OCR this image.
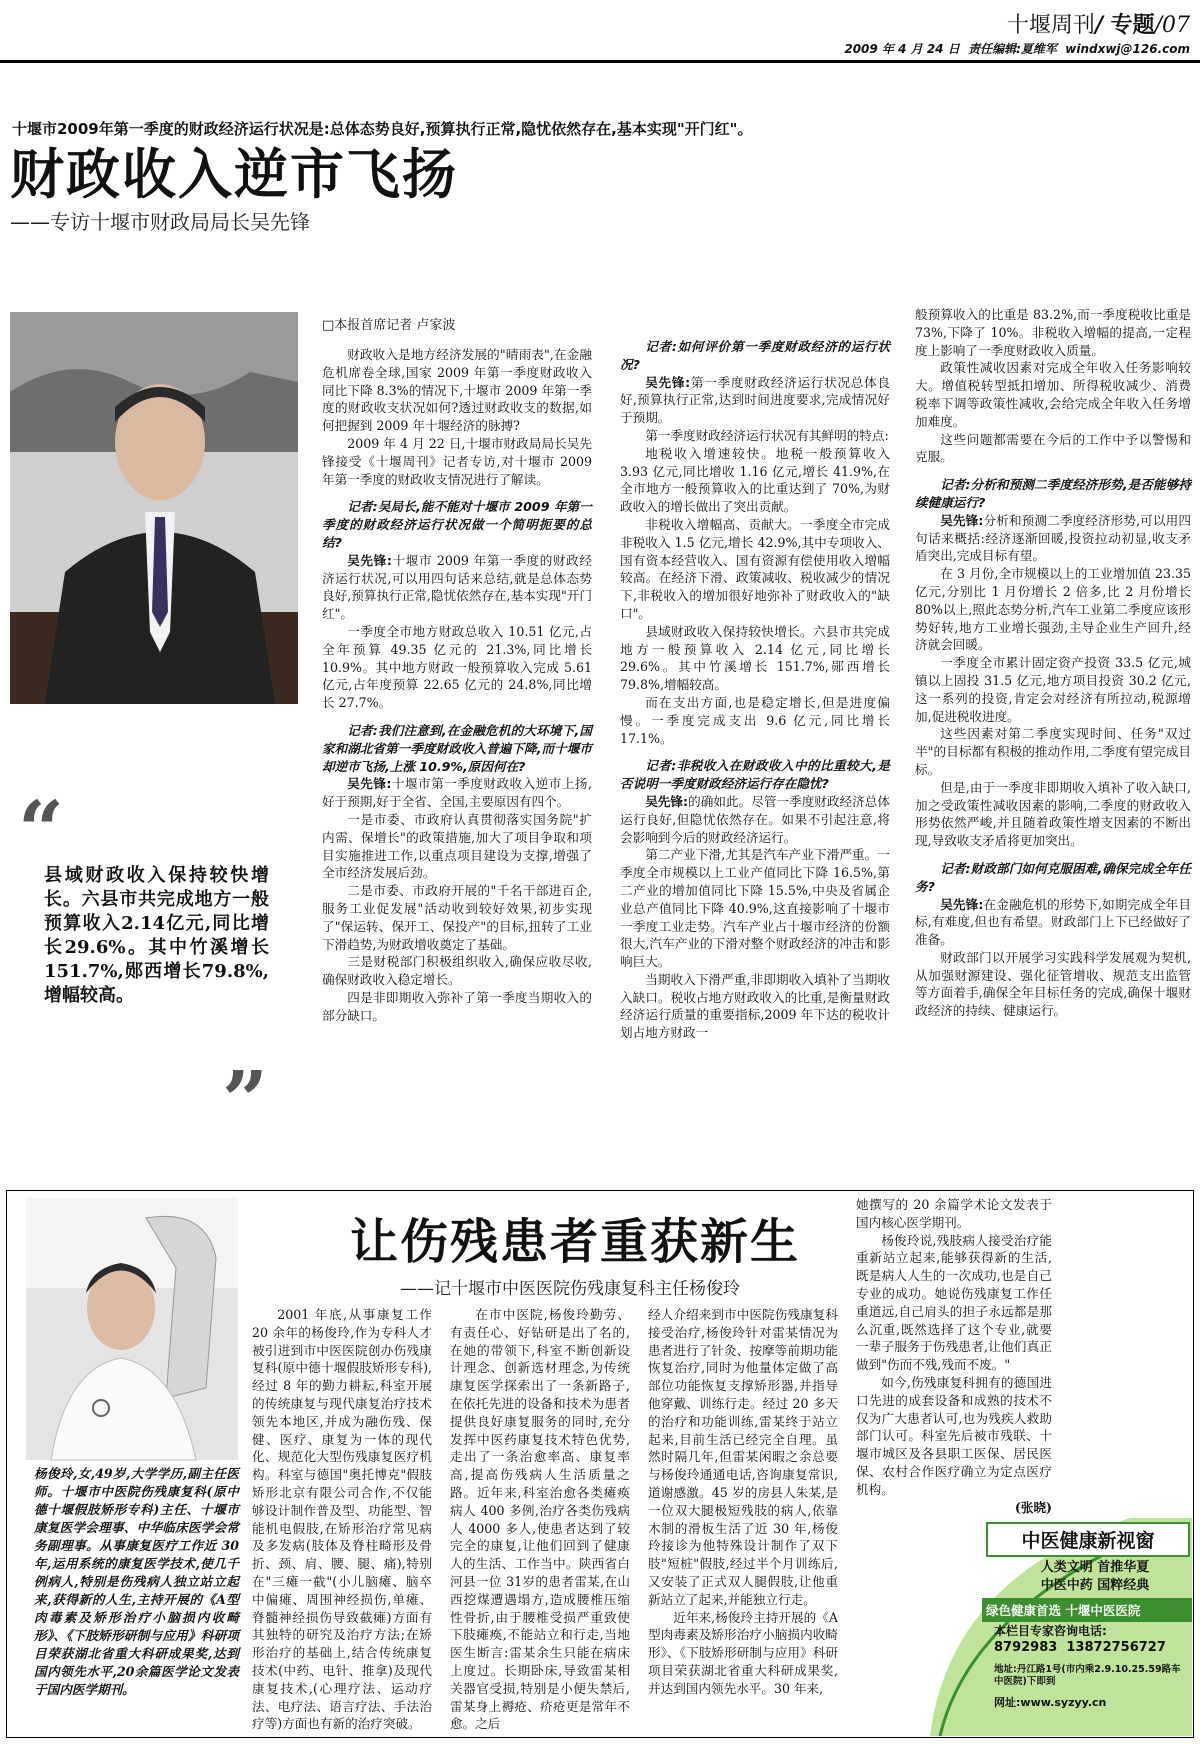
十堰周刊/ 专题/07
2009 年 4 月 24 日 责任编辑:夏维军 windxwj@126.com
十堰市2009年第一季度的财政经济运行状况是:总体态势良好,预算执行正常,隐忧依然存在,基本实现"开门红"。
财政收入逆市飞扬
——专访十堰市财政局局长吴先锋
“
县域财政收入保持较快增长。六县市共完成地方一般预算收入2.14亿元,同比增长29.6%。其中竹溪增长151.7%,郧西增长79.8%,增幅较高。
”
□本报首席记者 卢家波

财政收入是地方经济发展的"晴雨表",在金融危机席卷全球,国家 2009 年第一季度财政收入同比下降 8.3%的情况下,十堰市 2009 年第一季度的财政收支状况如何?透过财政收支的数据,如何把握到 2009 年十堰经济的脉搏?

2009 年 4 月 22 日,十堰市财政局局长吴先锋接受《十堰周刊》记者专访,对十堰市 2009 年第一季度的财政收支情况进行了解读。

记者:吴局长,能不能对十堰市 2009 年第一季度的财政经济运行状况做一个简明扼要的总结?

吴先锋:十堰市 2009 年第一季度的财政经济运行状况,可以用四句话来总结,就是总体态势良好,预算执行正常,隐忧依然存在,基本实现"开门红"。

一季度全市地方财政总收入 10.51 亿元,占全年预算 49.35 亿元的 21.3%,同比增长 10.9%。其中地方财政一般预算收入完成 5.61 亿元,占年度预算 22.65 亿元的 24.8%,同比增长 27.7%。

记者:我们注意到,在金融危机的大环境下,国家和湖北省第一季度财政收入普遍下降,而十堰市却逆市飞扬,上涨 10.9%,原因何在?

吴先锋:十堰市第一季度财政收入逆市上扬,好于预期,好于全省、全国,主要原因有四个。

一是市委、市政府认真贯彻落实国务院"扩内需、保增长"的政策措施,加大了项目争取和项目实施推进工作,以重点项目建设为支撑,增强了全市经济发展后劲。

二是市委、市政府开展的"千名干部进百企,服务工业促发展"活动收到较好效果,初步实现了"保运转、保开工、保投产"的目标,扭转了工业下滑趋势,为财政增收奠定了基础。

三是财税部门积极组织收入,确保应收尽收,确保财政收入稳定增长。

四是非即期收入弥补了第一季度当期收入的部分缺口。

记者:如何评价第一季度财政经济的运行状况?

吴先锋:第一季度财政经济运行状况总体良好,预算执行正常,达到时间进度要求,完成情况好于预期。

第一季度财政经济运行状况有其鲜明的特点:

地税收入增速较快。地税一般预算收入 3.93 亿元,同比增收 1.16 亿元,增长 41.9%,在全市地方一般预算收入的比重达到了 70%,为财政收入的增长做出了突出贡献。

非税收入增幅高、贡献大。一季度全市完成非税收入 1.5 亿元,增长 42.9%,其中专项收入、国有资本经营收入、国有资源有偿使用收入增幅较高。在经济下滑、政策减收、税收减少的情况下,非税收入的增加很好地弥补了财政收入的"缺口"。

县域财政收入保持较快增长。六县市共完成地方一般预算收入 2.14 亿元,同比增长 29.6%。其中竹溪增长 151.7%,郧西增长 79.8%,增幅较高。

而在支出方面,也是稳定增长,但是进度偏慢。一季度完成支出 9.6 亿元,同比增长 17.1%。

记者:非税收入在财政收入中的比重较大,是否说明一季度财政经济运行存在隐忧?

吴先锋:的确如此。尽管一季度财政经济总体运行良好,但隐忧依然存在。如果不引起注意,将会影响到今后的财政经济运行。

第二产业下滑,尤其是汽车产业下滑严重。一季度全市规模以上工业产值同比下降 16.5%,第二产业的增加值同比下降 15.5%,中央及省属企业总产值同比下降 40.9%,这直接影响了十堰市一季度工业走势。汽车产业占十堰市经济的份额很大,汽车产业的下滑对整个财政经济的冲击和影响巨大。

当期收入下滑严重,非即期收入填补了当期收入缺口。税收占地方财政收入的比重,是衡量财政经济运行质量的重要指标,2009 年下达的税收计划占地方财政一

般预算收入的比重是 83.2%,而一季度税收比重是 73%,下降了 10%。非税收入增幅的提高,一定程度上影响了一季度财政收入质量。

政策性减收因素对完成全年收入任务影响较大。增值税转型抵扣增加、所得税收减少、消费税率下调等政策性减收,会给完成全年收入任务增加难度。

这些问题都需要在今后的工作中予以警惕和克服。

记者:分析和预测二季度经济形势,是否能够持续健康运行?

吴先锋:分析和预测二季度经济形势,可以用四句话来概括:经济逐渐回暖,投资拉动初显,收支矛盾突出,完成目标有望。

在 3 月份,全市规模以上的工业增加值 23.35 亿元,分别比 1 月份增长 2 倍多,比 2 月份增长 80%以上,照此态势分析,汽车工业第二季度应该形势好转,地方工业增长强劲,主导企业生产回升,经济就会回暖。

一季度全市累计固定资产投资 33.5 亿元,城镇以上固投 31.5 亿元,地方项目投资 30.2 亿元,这一系列的投资,肯定会对经济有所拉动,税源增加,促进税收进度。

这些因素对第二季度实现时间、任务"双过半"的目标都有积极的推动作用,二季度有望完成目标。

但是,由于一季度非即期收入填补了收入缺口,加之受政策性减收因素的影响,二季度的财政收入形势依然严峻,并且随着政策性增支因素的不断出现,导致收支矛盾将更加突出。

记者:财政部门如何克服困难,确保完成全年任务?

吴先锋:在金融危机的形势下,如期完成全年目标,有难度,但也有希望。财政部门上下已经做好了准备。

财政部门以开展学习实践科学发展观为契机,从加强财源建设、强化征管增收、规范支出监管等方面着手,确保全年目标任务的完成,确保十堰财政经济的持续、健康运行。

杨俊玲,女,49岁,大学学历,副主任医师。十堰市中医院伤残康复科(原中德十堰假肢矫形专科)主任、十堰市康复医学会理事、中华临床医学会常务副理事。从事康复医疗工作近 30年,运用系统的康复医学技术,使几千例病人,特别是伤残病人独立站立起来,获得新的人生,主持开展的《A型肉毒素及矫形治疗小脑损内收畸形》、《下肢矫形研制与应用》科研项目荣获湖北省重大科研成果奖,达到国内领先水平,20余篇医学论文发表于国内医学期刊。
让伤残患者重获新生
——记十堰市中医医院伤残康复科主任杨俊玲

2001 年底,从事康复工作 20 余年的杨俊玲,作为专科人才被引进到市中医医院创办伤残康复科(原中德十堰假肢矫形专科),经过 8 年的勤力耕耘,科室开展的传统康复与现代康复治疗技术领先本地区,并成为融伤残、保健、医疗、康复为一体的现代化、规范化大型伤残康复医疗机构。科室与德国"奥托博克"假肢矫形北京有限公司合作,不仅能够设计制作普及型、功能型、智能机电假肢,在矫形治疗常见病及多发病(肢体及脊柱畸形及骨折、颈、肩、腰、腿、痛),特别在"三瘫一截"(小儿脑瘫、脑卒中偏瘫、周围神经损伤,单瘫、脊髓神经损伤导致截瘫)方面有其独特的研究及治疗方法;在矫形治疗的基础上,结合传统康复技术(中药、电针、推拿)及现代康复技术,(心理疗法、运动疗法、电疗法、语言疗法、手法治疗等)方面也有新的治疗突破。

在市中医院,杨俊玲勤劳、有责任心、好钻研是出了名的,在她的带领下,科室不断创新设计理念、创新选材理念,为传统康复医学探索出了一条新路子,在依托先进的设备和技术为患者提供良好康复服务的同时,充分发挥中医药康复技术特色优势,走出了一条治愈率高、康复率高,提高伤残病人生活质量之路。近年来,科室治愈各类瘫痪病人 400 多例,治疗各类伤残病人 4000 多人,使患者达到了较完全的康复,让他们回到了健康人的生活、工作当中。陕西省白河县一位 31岁的患者雷某,在山西挖煤遭遇塌方,造成腰椎压缩性骨折,由于腰椎受损严重致使下肢瘫痪,不能站立和行走,当地医生断言:雷某余生只能在病床上度过。长期卧床,导致雷某相关器官受损,特别是小便失禁后,雷某身上褥疮、疥疮更是常年不愈。之后

经人介绍来到市中医院伤残康复科接受治疗,杨俊玲针对雷某情况为患者进行了针灸、按摩等前期功能恢复治疗,同时为他量体定做了高部位功能恢复支撑矫形器,并指导他穿戴、训练行走。经过 20 多天的治疗和功能训练,雷某终于站立起来,目前生活已经完全自理。虽然时隔几年,但雷某闲暇之余总要与杨俊玲通通电话,咨询康复常识,道谢感激。45 岁的房县人朱某,是一位双大腿极短残肢的病人,依靠木制的滑板生活了近 30 年,杨俊玲接诊为他特殊设计制作了双下肢"短桩"假肢,经过半个月训练后,又安装了正式双人腿假肢,让他重新站立了起来,并能独立行走。

近年来,杨俊玲主持开展的《A型肉毒素及矫形治疗小脑损内收畸形》、《下肢矫形研制与应用》科研项目荣获湖北省重大科研成果奖,并达到国内领先水平。30 年来,

她撰写的 20 余篇学术论文发表于国内核心医学期刊。

杨俊玲说,残肢病人接受治疗能重新站立起来,能够获得新的生活,既是病人人生的一次成功,也是自己专业的成功。她说伤残康复工作任重道远,自己肩头的担子永远都是那么沉重,既然选择了这个专业,就要一辈子服务于伤残患者,让他们真正做到"伤而不残,残而不废。"

如今,伤残康复科拥有的德国进口先进的成套设备和成熟的技术不仅为广大患者认可,也为残疾人救助部门认可。科室先后被市残联、十堰市城区及各县职工医保、居民医保、农村合作医疗确立为定点医疗机构。

(张晓)

中医健康新视窗
人类文明 首推华夏
中医中药 国粹经典
绿色健康首选 十堰中医医院
本栏目专家咨询电话:
8792983 13872756727
地址:丹江路1号(市内乘2.9.10.25.59路车中医院)下即到
网址:www.syzyy.cn
